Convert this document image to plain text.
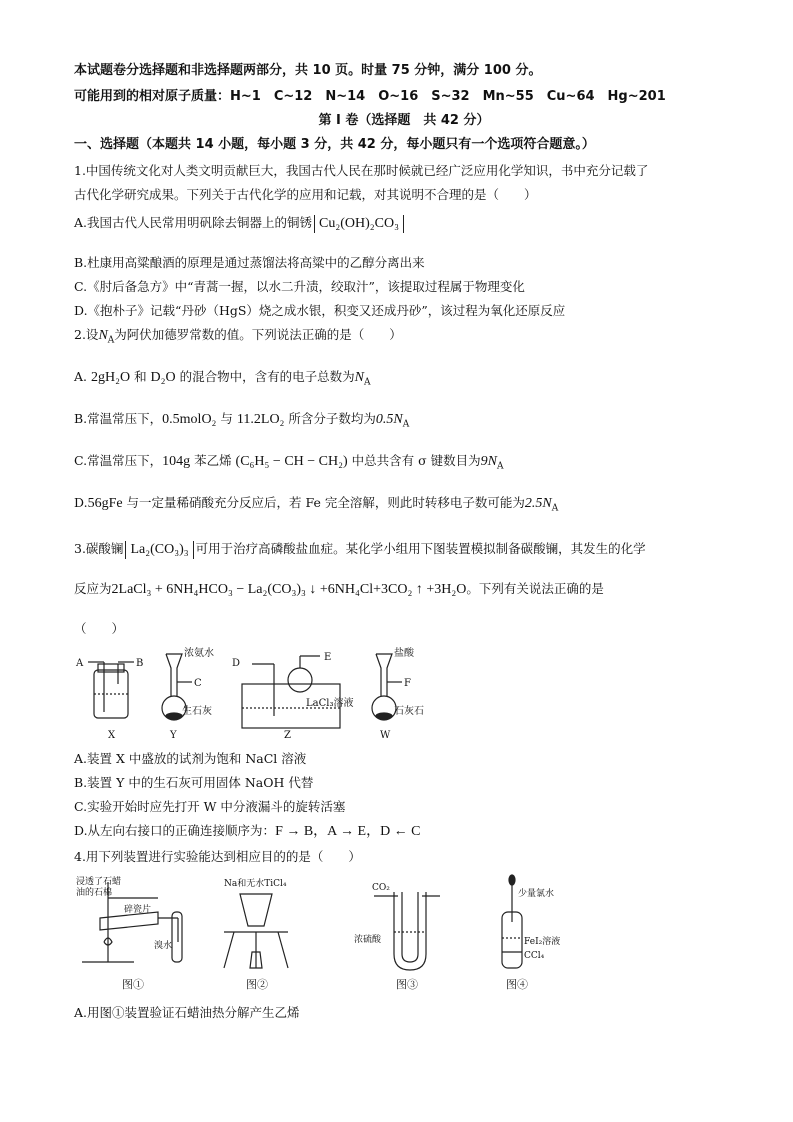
本试题卷分选择题和非选择题两部分，共 10 页。时量 75 分钟，满分 100 分。
可能用到的相对原子质量：H~1　C~12　N~14　O~16　S~32　Mn~55　Cu~64　Hg~201
第 I 卷（选择题　共 42 分）
一、选择题（本题共 14 小题，每小题 3 分，共 42 分，每小题只有一个选项符合题意。）
1.中国传统文化对人类文明贡献巨大，我国古代人民在那时候就已经广泛应用化学知识，书中充分记载了
古代化学研究成果。下列关于古代化学的应用和记载，对其说明不合理的是（　　）
A.我国古代人民常用明矾除去铜器上的铜锈 Cu₂(OH)₂CO₃
B.杜康用高粱酿酒的原理是通过蒸馏法将高粱中的乙醇分离出来
C.《肘后备急方》中“青蒿一握，以水二升渍，绞取汁”，该提取过程属于物理变化
D.《抱朴子》记载“丹砂（HgS）烧之成水银，积变又还成丹砂”，该过程为氧化还原反应
2.设$N_A$为阿伏加德罗常数的值。下列说法正确的是（　　）
A. 2gH₂O 和 D₂O 的混合物中，含有的电子总数为$N_A$
B.常温常压下，0.5molO₂ 与 11.2LO₂ 所含分子数均为$0.5N_A$
C.常温常压下，104g 苯乙烯 (C₆H₅ − CH − CH₂) 中总共含有 σ 键数目为$9N_A$
D.56gFe 与一定量稀硝酸充分反应后，若 Fe 完全溶解，则此时转移电子数可能为$2.5N_A$
3.碳酸镧 La₂(CO₃)₃ 可用于治疗高磷酸盐血症。某化学小组用下图装置模拟制备碳酸镧，其发生的化学
反应为2LaCl₃ + 6NH₄HCO₃ − La₂(CO₃)₃ ↓ +6NH₄Cl+3CO₂ ↑ +3H₂O。下列有关说法正确的是
（　　）
A	B
X
浓氨水
C
生石灰
Y
D
E
LaCl₃溶液
Z
盐酸
F
石灰石
W
A.装置 X 中盛放的试剂为饱和 NaCl 溶液
B.装置 Y 中的生石灰可用固体 NaOH 代替
C.实验开始时应先打开 W 中分液漏斗的旋转活塞
D.从左向右接口的正确连接顺序为：F → B，A → E，D ← C
4.用下列装置进行实验能达到相应目的的是（　　）
浸透了石蜡
油的石棉
碎瓷片
溴水
Na和无水TiCl₄	CO₂
浓硫酸
少量氯水
FeI₂溶液
CCl₄
图①	图②	图③	图④
A.用图①装置验证石蜡油热分解产生乙烯
